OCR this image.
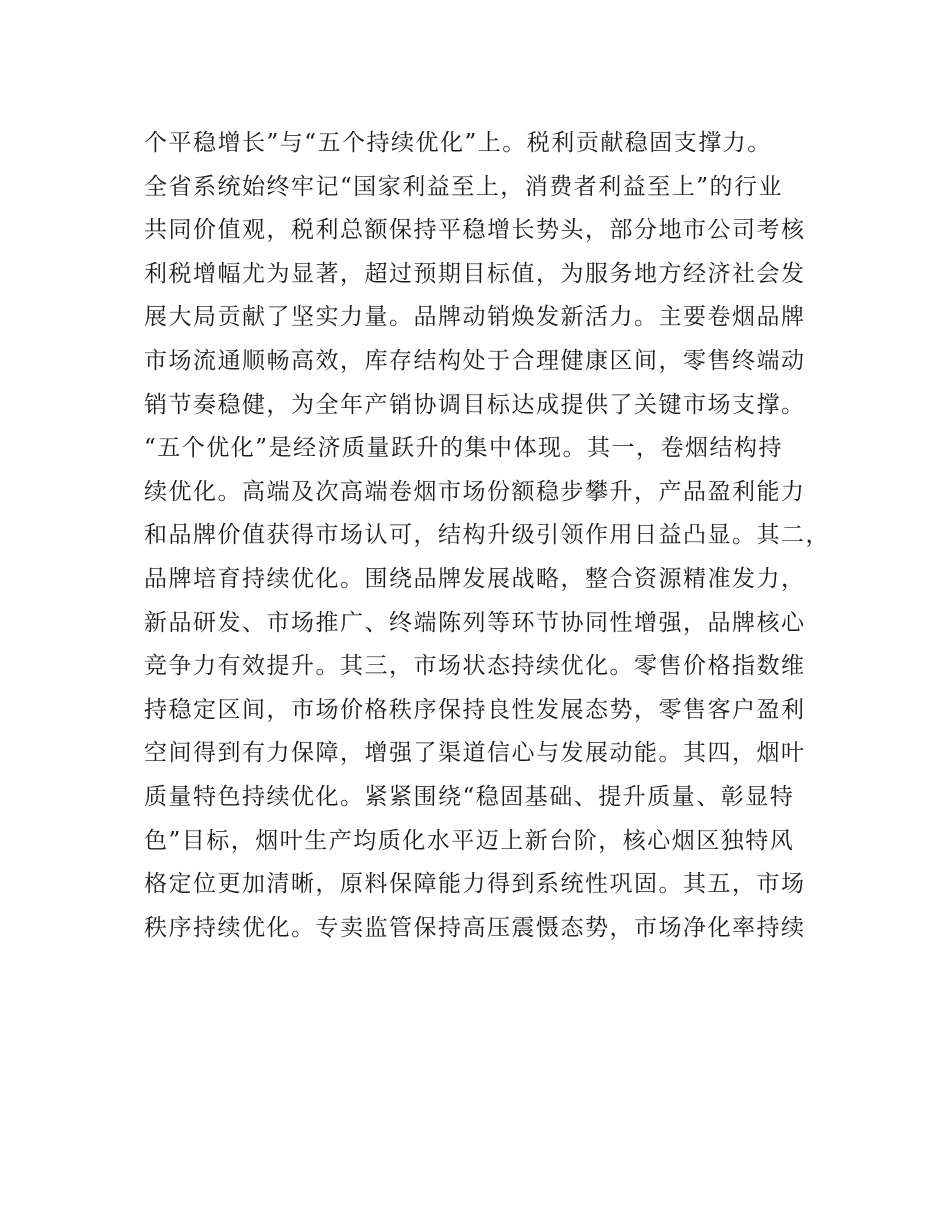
个平稳增长”与“五个持续优化”上。税利贡献稳固支撑力。
全省系统始终牢记“国家利益至上，消费者利益至上”的行业
共同价值观，税利总额保持平稳增长势头，部分地市公司考核
利税增幅尤为显著，超过预期目标值，为服务地方经济社会发
展大局贡献了坚实力量。品牌动销焕发新活力。主要卷烟品牌
市场流通顺畅高效，库存结构处于合理健康区间，零售终端动
销节奏稳健，为全年产销协调目标达成提供了关键市场支撑。
“五个优化”是经济质量跃升的集中体现。其一，卷烟结构持
续优化。高端及次高端卷烟市场份额稳步攀升，产品盈利能力
和品牌价值获得市场认可，结构升级引领作用日益凸显。其二，
品牌培育持续优化。围绕品牌发展战略，整合资源精准发力，
新品研发、市场推广、终端陈列等环节协同性增强，品牌核心
竞争力有效提升。其三，市场状态持续优化。零售价格指数维
持稳定区间，市场价格秩序保持良性发展态势，零售客户盈利
空间得到有力保障，增强了渠道信心与发展动能。其四，烟叶
质量特色持续优化。紧紧围绕“稳固基础、提升质量、彰显特
色”目标，烟叶生产均质化水平迈上新台阶，核心烟区独特风
格定位更加清晰，原料保障能力得到系统性巩固。其五，市场
秩序持续优化。专卖监管保持高压震慑态势，市场净化率持续
